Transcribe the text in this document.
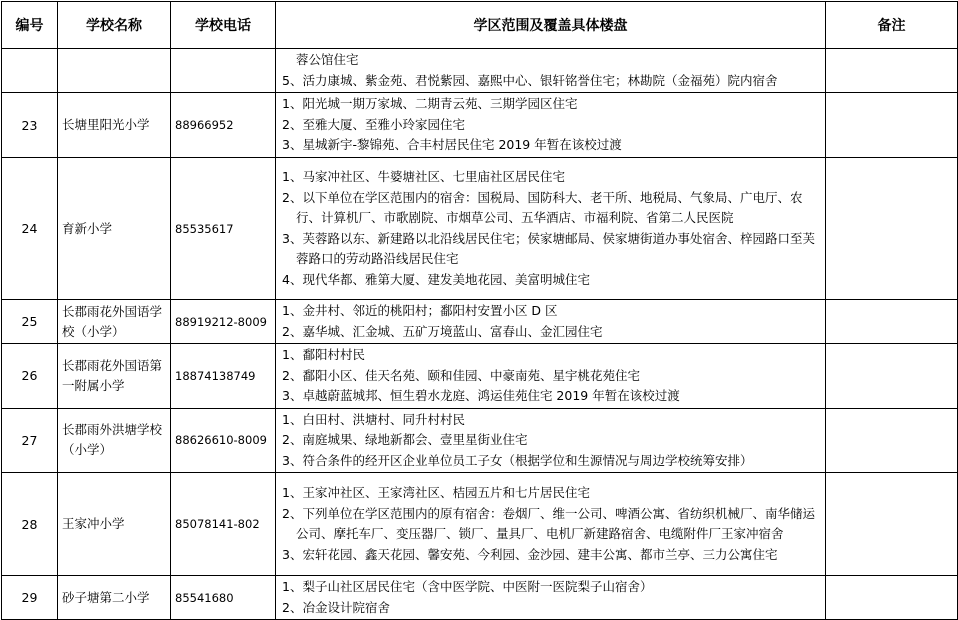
编号	学校名称	学校电话	学区范围及覆盖具体楼盘	备注

			蓉公馆住宅
5、活力康城、紫金苑、君悦紫园、嘉熙中心、银轩铭誉住宅；林勘院（金福苑）院内宿舍	

23	长塘里阳光小学	88966952	1、阳光城一期万家城、二期青云苑、三期学园区住宅
2、至雅大厦、至雅小玲家园住宅
3、星城新宇-黎锦苑、合丰村居民住宅 2019 年暂在该校过渡	

24	育新小学	85535617	1、马家冲社区、牛婆塘社区、七里庙社区居民住宅
2、以下单位在学区范围内的宿舍：国税局、国防科大、老干所、地税局、气象局、广电厅、农行、计算机厂、市歌剧院、市烟草公司、五华酒店、市福利院、省第二人民医院
3、芙蓉路以东、新建路以北沿线居民住宅；侯家塘邮局、侯家塘街道办事处宿舍、梓园路口至芙蓉路口的劳动路沿线居民住宅
4、现代华都、雅第大厦、建发美地花园、美富明城住宅	

25	长郡雨花外国语学校（小学）	88919212-8009	1、金井村、邻近的桃阳村；鄱阳村安置小区 D 区
2、嘉华城、汇金城、五矿万境蓝山、富春山、金汇园住宅	

26	长郡雨花外国语第一附属小学	18874138749	1、鄱阳村村民
2、鄱阳小区、佳天名苑、颐和佳园、中豪南苑、星宇桃花苑住宅
3、卓越蔚蓝城邦、恒生碧水龙庭、鸿运佳苑住宅 2019 年暂在该校过渡	

27	长郡雨外洪塘学校（小学）	88626610-8009	1、白田村、洪塘村、同升村村民
2、南庭城果、绿地新都会、壹里星街业住宅
3、符合条件的经开区企业单位员工子女（根据学位和生源情况与周边学校统筹安排）	

28	王家冲小学	85078141-802	1、王家冲社区、王家湾社区、桔园五片和七片居民住宅
2、下列单位在学区范围内的原有宿舍：卷烟厂、维一公司、啤酒公寓、省纺织机械厂、南华储运公司、摩托车厂、变压器厂、锁厂、量具厂、电机厂新建路宿舍、电缆附件厂王家冲宿舍
3、宏轩花园、鑫天花园、馨安苑、今利园、金沙园、建丰公寓、都市兰亭、三力公寓住宅	

29	砂子塘第二小学	85541680	1、梨子山社区居民住宅（含中医学院、中医附一医院梨子山宿舍）
2、冶金设计院宿舍	
